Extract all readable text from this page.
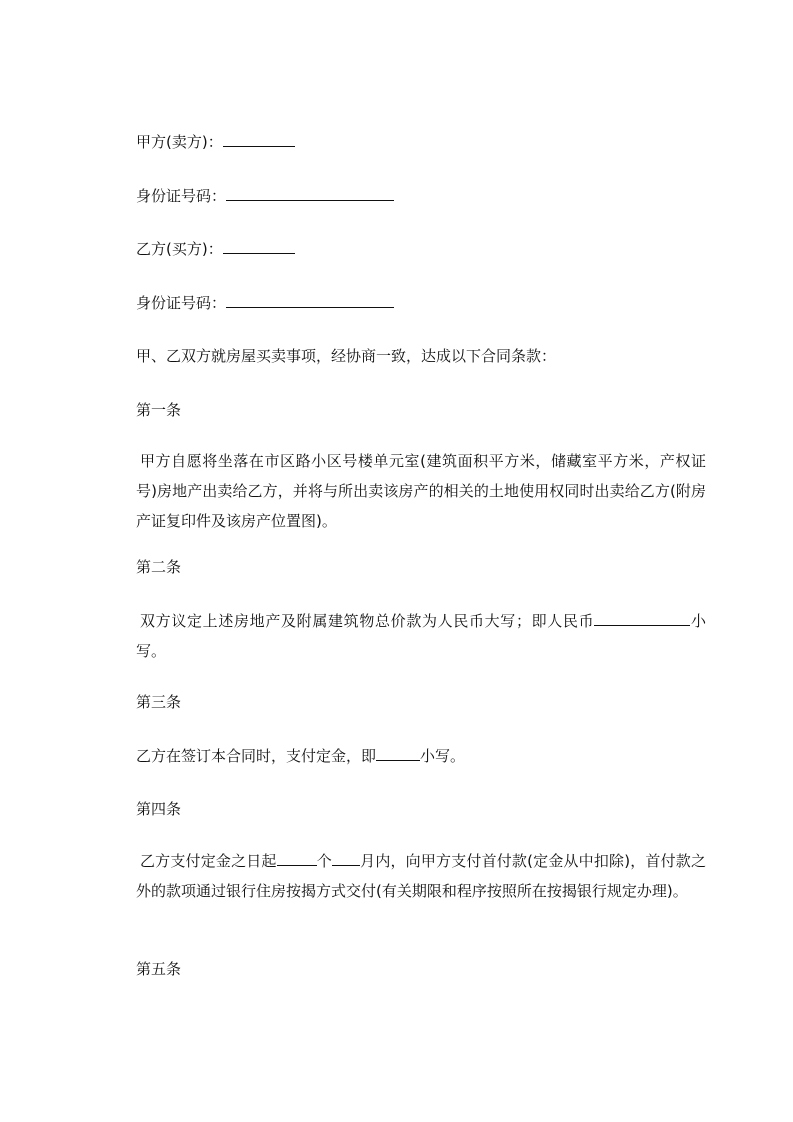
甲方(卖方)：
身份证号码：
乙方(买方)：
身份证号码：
甲、乙双方就房屋买卖事项，经协商一致，达成以下合同条款：
第一条
甲方自愿将坐落在市区路小区号楼单元室(建筑面积平方米，储藏室平方米，产权证号)房地产出卖给乙方，并将与所出卖该房产的相关的土地使用权同时出卖给乙方(附房产证复印件及该房产位置图)。
第二条
双方议定上述房地产及附属建筑物总价款为人民币大写；即人民币	小写。
第三条
乙方在签订本合同时，支付定金，即	小写。
第四条
乙方支付定金之日起	个 月内，向甲方支付首付款(定金从中扣除)，首付款之外的款项通过银行住房按揭方式交付(有关期限和程序按照所在按揭银行规定办理)。
第五条
